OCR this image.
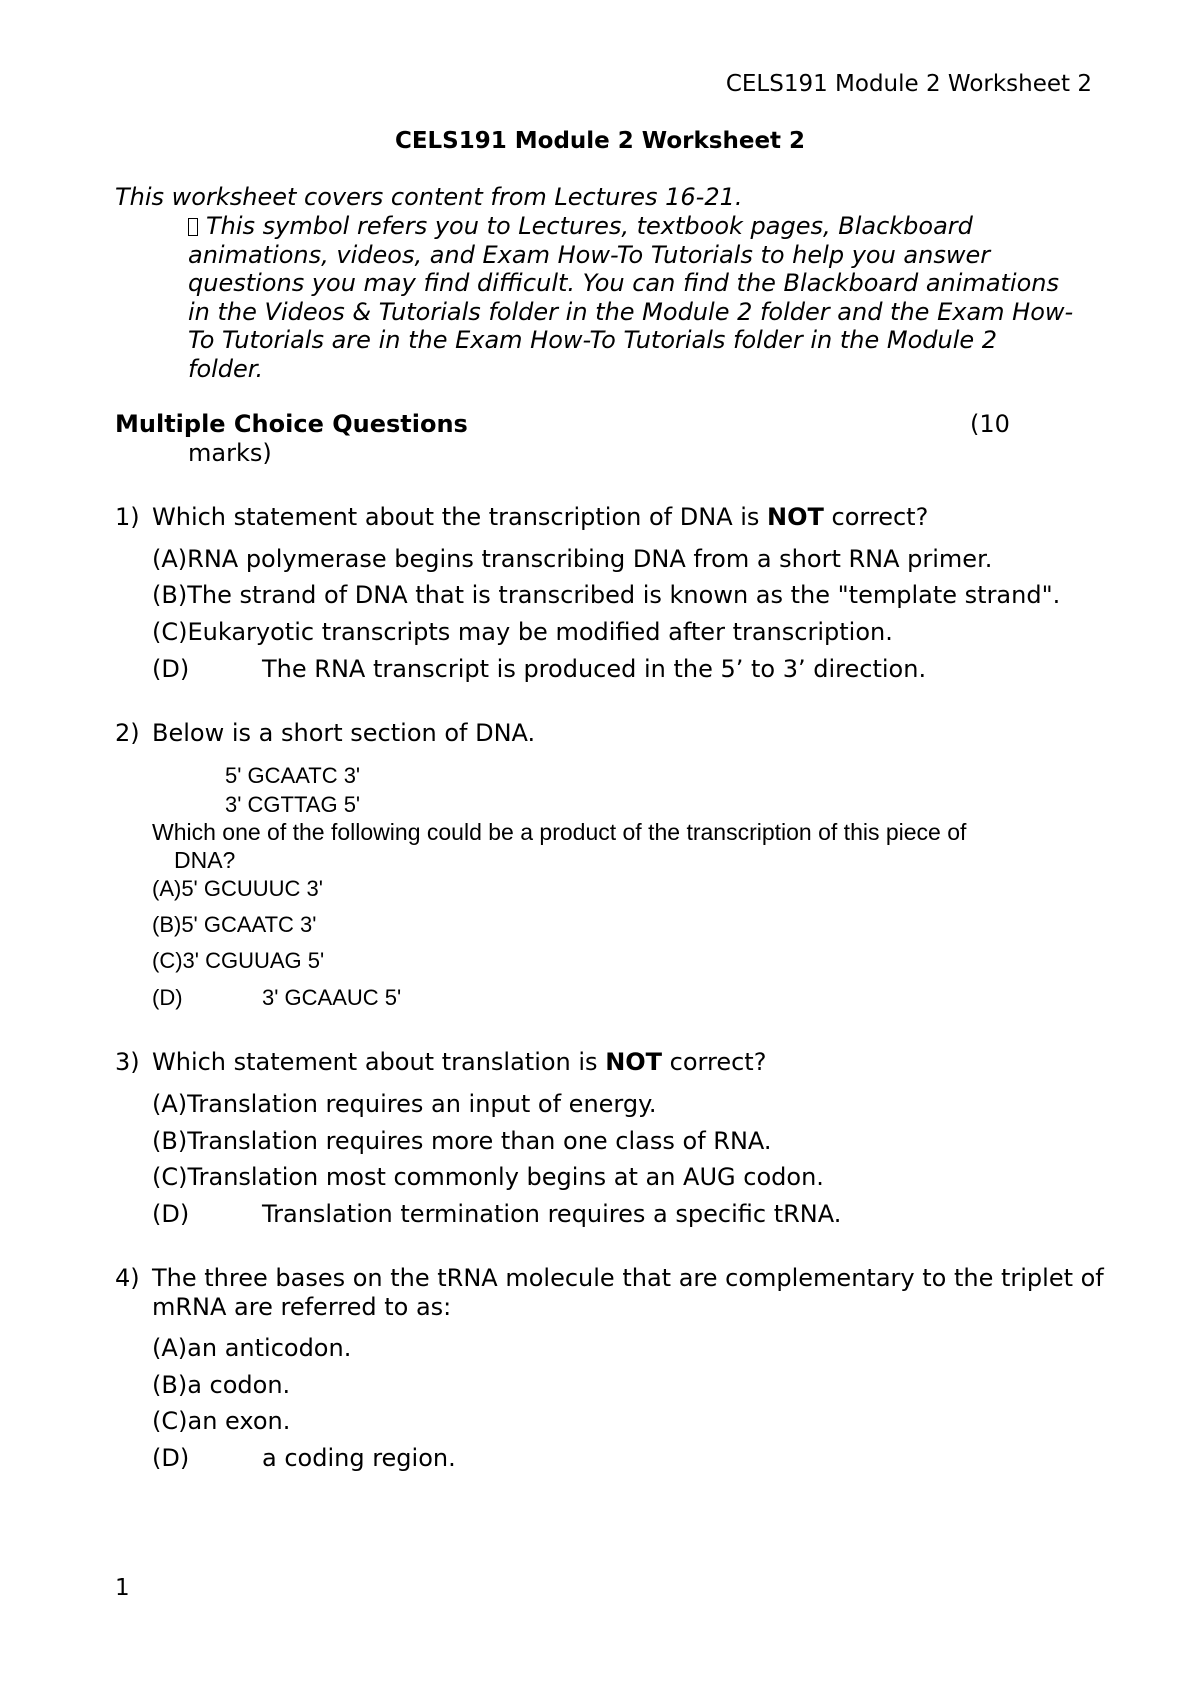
CELS191 Module 2 Worksheet 2
CELS191 Module 2 Worksheet 2
This worksheet covers content from Lectures 16-21.
This symbol refers you to Lectures, textbook pages, Blackboard
animations, videos, and Exam How-To Tutorials to help you answer
questions you may find difficult. You can find the Blackboard animations
in the Videos & Tutorials folder in the Module 2 folder and the Exam How-
To Tutorials are in the Exam How-To Tutorials folder in the Module 2
folder.
Multiple Choice Questions	(10
marks)
1) Which statement about the transcription of DNA is NOT correct?
(A)RNA polymerase begins transcribing DNA from a short RNA primer.
(B)The strand of DNA that is transcribed is known as the "template strand".
(C)Eukaryotic transcripts may be modified after transcription.
(D)	The RNA transcript is produced in the 5’ to 3’ direction.
2) Below is a short section of DNA.
5' GCAATC 3'
3' CGTTAG 5'
Which one of the following could be a product of the transcription of this piece of
DNA?
(A)5' GCUUUC 3'
(B)5' GCAATC 3'
(C)3' CGUUAG 5'
(D)	3' GCAAUC 5'
3) Which statement about translation is NOT correct?
(A)Translation requires an input of energy.
(B)Translation requires more than one class of RNA.
(C)Translation most commonly begins at an AUG codon.
(D)	Translation termination requires a specific tRNA.
4) The three bases on the tRNA molecule that are complementary to the triplet of
mRNA are referred to as:
(A)an anticodon.
(B)a codon.
(C)an exon.
(D)	a coding region.
1
